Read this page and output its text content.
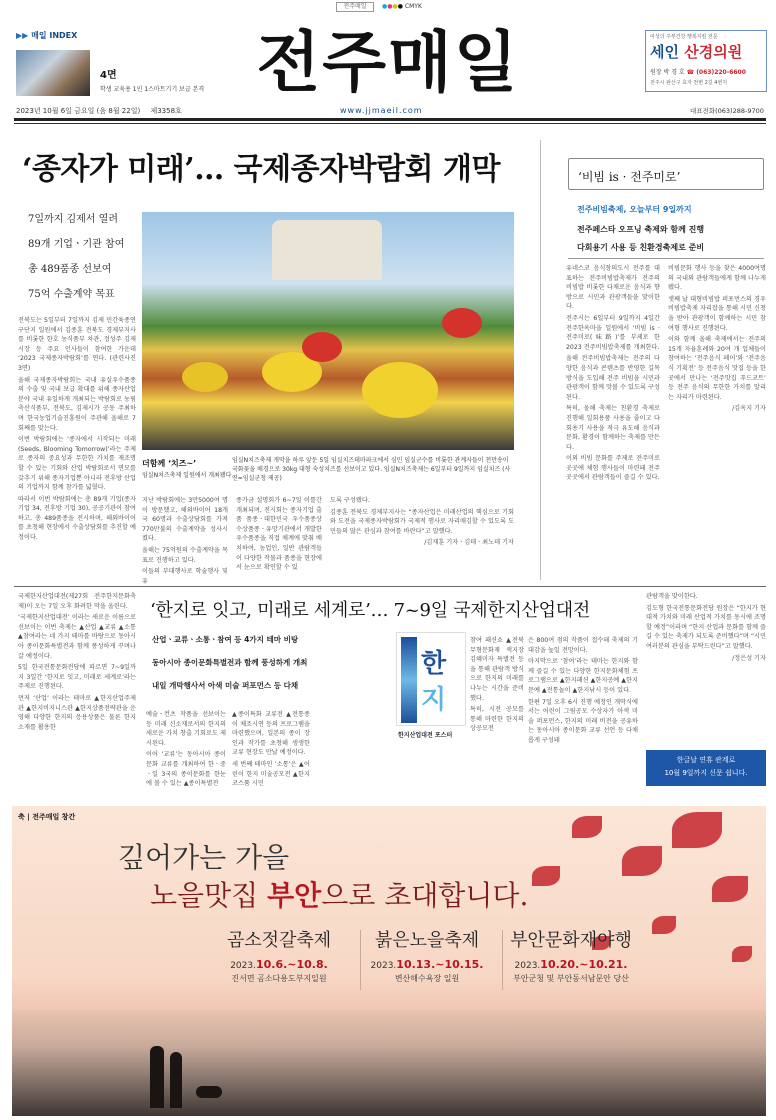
전주매일	●●●● CMYK
▶▶ 매일 INDEX
4면
학생 교육용 1인 1스마트기기 보급 본격 전주매일	여성의 주부건강 행복지킴 전문
세인 산경의원
원장 박 경 호 ☎ (063)220-6600
전주시 완산구 효자 천변 2길 4번지
2023년 10월 6일 금요일 (음 8월 22일) 제3358호	www.jjmaeil.com	대표전화(063)288-9700
‘종자가 미래’… 국제종자박람회 개막
7일까지 김제서 열려
89개 기업ㆍ기관 참여
총 489품종 선보여
75억 수출계약 목표

전북도는 5일부터 7일까지 김제 민간육종연구단지 일원에서 김종훈 전북도 경제부지사를 비롯한 한호 농식품부 차관, 정성주 김제시장 등 주요 인사들이 참여한 가운데 ‘2023 국제종자박람회’를 연다. (관련사진 3면)

올해 국제종자박람회는 국내 유실우수품종의 수출 및 국내 보급 확대를 위해 종자산업 분야 국내 유일하게 개최되는 박람회로 농림축산식품부, 전북도, 김제시가 공동 주최하며 한국농업기술진흥원이 주관해 올해로 7회째를 맞는다.

이번 박람회에는 ‘종자에서 시작되는 미래(Seeds, Blooming Tomorrow)’라는 주제로 종자의 중요성과 무한한 가치를 재조명 할 수 있는 기회와 산업 박람회로서 면모를 갖추기 위해 종자기업뿐 아니라 전후방 산업의 기업까지 함께 참가를 넓혔다.

따라서 이번 박람회에는 총 89개 기업(종자기업 34, 전후방 기업 30), 공공기관이 참여하고, 총 489품종을 전시하며, 해외바이어를 초청해 현장에서 수출상담회를 추진할 예정이다.

더함께 ‘치즈~’
임실N치즈축제 일원에서 개최됐다.
임실N치즈축제 개막을 하루 앞둔 5일 임실치즈테마파크에서 심민 임실군수를 비롯한 관계자들이 천만송이 국화꽃을 배경으로 30kg 대형 숙성치즈를 선보이고 있다. 임실N치즈축제는 6일부터 9일까지 임실치즈 (사진=임실군청 제공)

지난 박람회에는 3만5000여 명이 방문했고, 해외바이어 18개국 60명과 수출상담회를 가져 770만불의 수출계약을 성사시켰다.

올해는 75억원의 수출계약을 목표로 진행하고 있다.

이들의 부대행사로 학술행사 및 유

종가금 설명회가 6~7일 이틀간 개최되며, 전시회는 종자기업 출품 품종ㆍ대한민국 우수품종상 수상품종ㆍ유망기관에서 개발한 우수품종을 직접 체계에 맞춰 배치하여, 농업인, 일반 관람객들이 다양한 작물과 품종을 현장에서 눈으로 확인할 수 있

도록 구성됐다.

김종훈 전북도 경제부지사는 “종자산업은 미래산업의 핵심으로 기회와 도전을 국제종자박람회가 국제적 행사로 자리매김할 수 있도록 도민들의 많은 관심과 참여를 바란다”고 말했다.

/김재훈 기자ㆍ김태ㆍ최노데 기자

‘비빔 is · 전주미로’
전주비빔축제, 오늘부터 9일까지
전주페스타 오프닝 축제와 함께 진행
다회용기 사용 등 친환경축제로 준비

유네스코 음식창의도시 전주를 대표하는 전주비빔밥축제가 전주의 비빔밥 비롯한 다채로운 음식과 향방으로 시민과 관광객들을 맞이한다.

전주시는 6일부터 9일까지 4일간 전주한옥마을 일원에서 ‘비빔 is · 전주미로(味路)’를 부제로 한 2023 전주비빔밥축제를 개최한다.

올해 전주비빔밥축제는 전주의 다양한 음식과 콘텐츠를 반영한 길목 방식을 도입해 전주 비빔을 시민과 관광객이 함께 맛볼 수 있도록 구성된다.

특히, 올해 축제는 친환경 축제로 진행해 일회용품 사용을 줄이고 다회용기 사용을 적극 유도해 음식과 문화, 환경이 함께하는 축제를 만든다.

이외 비빔 문화를 주제로 전주미로 곳곳에 체험 행사들이 마련돼 전주 곳곳에서 관람객들이 즐길 수 있다.

비빔문화 행사 등을 찾은 4000여명의 국내외 관람객들에게 함께 나누게 됐다.

셋째 날 대형비빔밥 퍼포먼스의 경우 비빔밥축제 자리잡을 통해 시민 신청을 받아 관광객이 함께하는 시민 참여형 행사로 진행된다.

이와 함께 올해 축제에서는 전주의 15개 자율혼례와 20여 개 업체들이 참여하는 ‘전주음식 페어’와 ‘전주음식 기획전’ 등 전주음식 맛집 등을 한곳에서 만나는 ‘전주맛집 푸드코트’ 등 전주 음식의 무한한 가치를 알리는 자리가 마련된다.

/김옥지 기자

국제한지산업대전(제27회 전주한지문화축제)이 오는 7일 오후 화려한 막을 올린다.

‘국제한지산업대전’ 이라는 새로운 이름으로 선보이는 이번 축제는 ▲산업 ▲교류 ▲소통 ▲참여라는 네 가지 테마를 바탕으로 동아시아 종이문화특별전과 함께 풍성하게 꾸며나갈 예정이다.

5일 한국전통문화전당에 따르면 7~9일까지 3일간 ‘한지로 잇고, 미래로 세계로’라는 주제로 진행된다.

먼저 ‘산업’ 이라는 테마로 ▲한지산업주제관 ▲한지비지니스관 ▲한지상품전략관을 운영해 다양한 한지의 응용상품은 물론 한지 소재를 활용한

‘한지로 잇고, 미래로 세계로’… 7~9일 국제한지산업대전
산업ㆍ교류ㆍ소통ㆍ참여 등 4가지 테마 비탕
동아시아 종이문화특별전과 함께 풍성하게 개최
내일 개막행사서 아색 미술 퍼포먼스 등 다채

예술ㆍ컨츠 작품을 선보이는 등 미래 신소재로서의 한지의 새로운 가치 창출 기회로도 제시된다.

이어 ‘교류’는 동아시아 종이문화 교류를 개최하여 한ㆍ중ㆍ일 3국의 종이문화를 한눈에 볼 수 있는 ▲종이특별전

▲종이특화 교류전 ▲전통종이 체조시연 등의 프로그램을 마련했으며, 일본의 종이 장인과 작가를 초청해 생생한 교류 현장도 만날 예정이다.

세 번째 테마인 ‘소통’은 ▲어린이 한지 미술공모전 ▲한지 코스튬 시민

참여 패션쇼 ▲전북무형문화재 색지장 김혜미자 특별전 등을 통해 관람객 방식으로 한지의 미래를 나누는 시간을 준비했다.

특히, 시전 공모를 통해 마련한 한지의상공모전

한
지
한지산업대전 포스터

은 800여 점의 작품이 접수돼 축제의 기대감을 높일 전망이다.

마지막으로 ‘참여’라는 테마는 한지와 함께 즐길 수 있는 다양한 한지문화체험 프로그램으로 ▲한지패션 ▲한지공예 ▲한지문예 ▲전통놀이 ▲한지낚시 등이 있다.

한편 7일 오후 6시 진행 예정인 개막식에서는 어린이 그림공모 수상자가 아색 미술 퍼포먼스, 한지의 미래 비전을 공유하는 동아시아 종이문화 교류 선언 등 다채롭게 구성돼

관람객을 맞이한다.

김도형 한국전통문화전당 원장은 “한지가 현대적 가치와 미래 산업적 가치를 동시에 조명할 예정”이라며 “한지 산업과 문화를 함께 즐길 수 있는 축제가 되도록 준비했다”며 “시민 여러분의 관심을 부탁드린다”고 말했다.

/정은성 기자

한글날 연휴 관계로
10월 9일까지 신문 쉽니다.
축 | 전주매일 창간
깊어가는 가을
노을맛집 부안으로 초대합니다.
곰소젓갈축제
2023.10.6.~10.8.
진서면 곰소다용도부지일원
붉은노을축제
2023.10.13.~10.15.
변산해수욕장 일원
부안문화재야행
2023.10.20.~10.21.
부안군청 및 부안동서남문안 당산
